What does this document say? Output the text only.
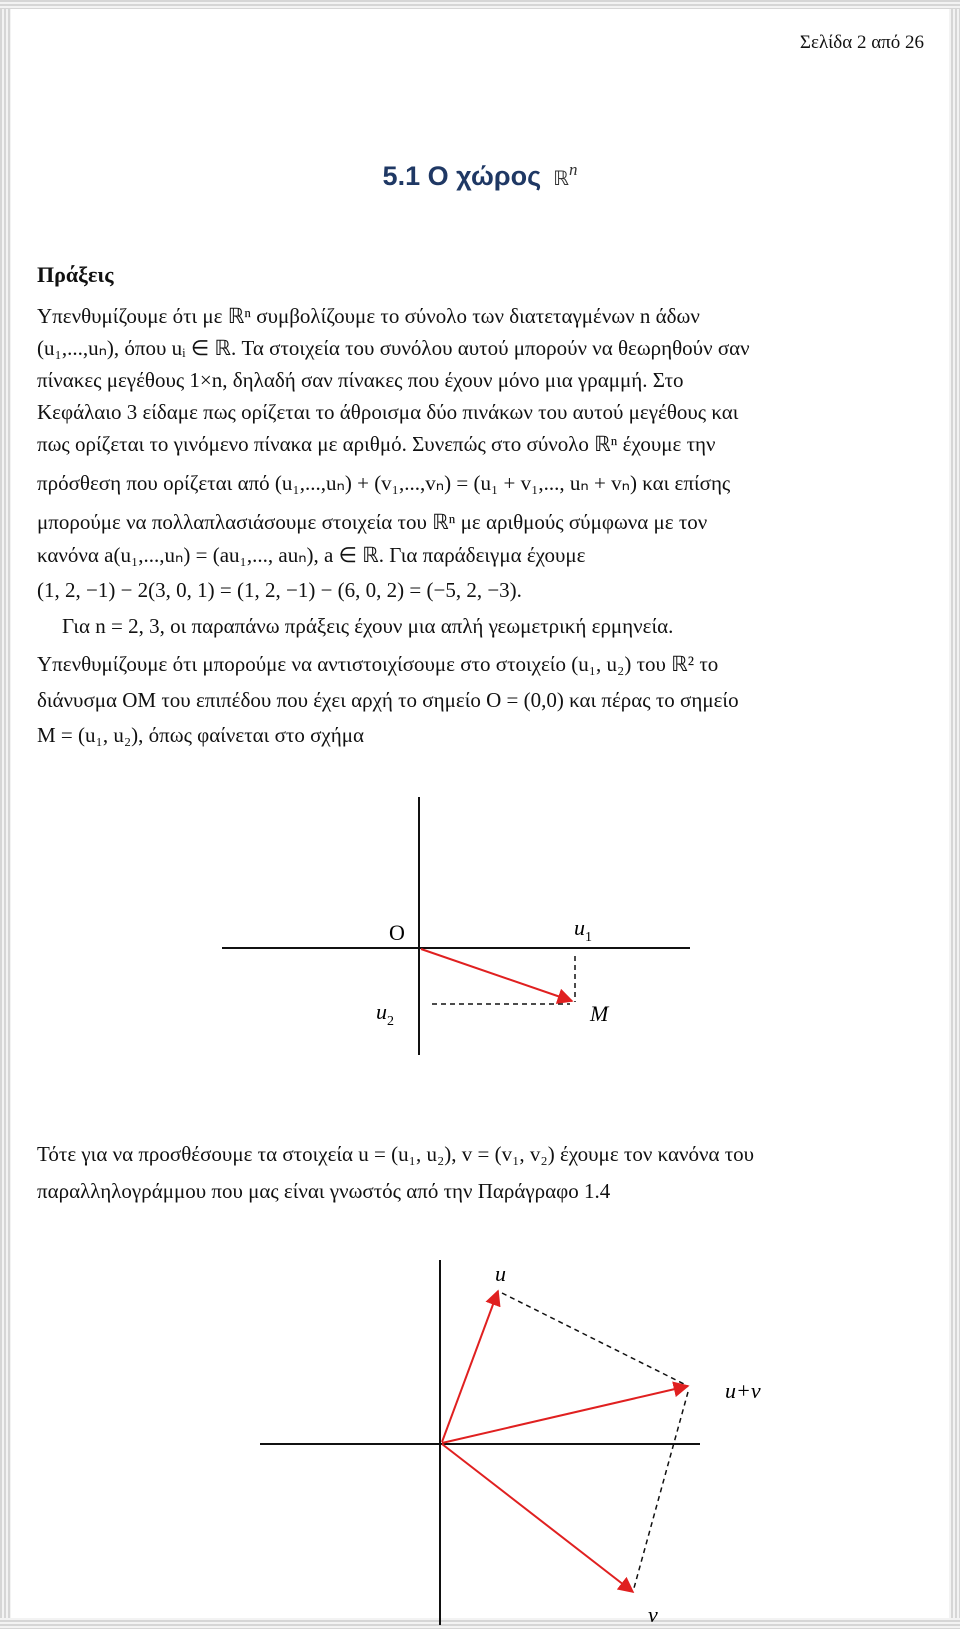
Σελίδα 2 από 26
5.1 Ο χώρος ℝ$^n$
Πράξεις
Υπενθυμίζουμε ότι με ℝⁿ συμβολίζουμε το σύνολο των διατεταγμένων n άδων
(u₁,...,uₙ), όπου uᵢ ∈ ℝ. Τα στοιχεία του συνόλου αυτού μπορούν να θεωρηθούν σαν
πίνακες μεγέθους 1×n, δηλαδή σαν πίνακες που έχουν μόνο μια γραμμή. Στο
Κεφάλαιο 3 είδαμε πως ορίζεται το άθροισμα δύο πινάκων του αυτού μεγέθους και
πως ορίζεται το γινόμενο πίνακα με αριθμό. Συνεπώς στο σύνολο ℝⁿ έχουμε την
πρόσθεση που ορίζεται από (u₁,...,uₙ) + (v₁,...,vₙ) = (u₁ + v₁,..., uₙ + vₙ) και επίσης
μπορούμε να πολλαπλασιάσουμε στοιχεία του ℝⁿ με αριθμούς σύμφωνα με τον
κανόνα a(u₁,...,uₙ) = (au₁,..., auₙ), a ∈ ℝ. Για παράδειγμα έχουμε
(1, 2, −1) − 2(3, 0, 1) = (1, 2, −1) − (6, 0, 2) = (−5, 2, −3).
Για n = 2, 3, οι παραπάνω πράξεις έχουν μια απλή γεωμετρική ερμηνεία.
Υπενθυμίζουμε ότι μπορούμε να αντιστοιχίσουμε στο στοιχείο (u₁, u₂) του ℝ² το
διάνυσμα OM του επιπέδου που έχει αρχή το σημείο O = (0,0) και πέρας το σημείο
M = (u₁, u₂), όπως φαίνεται στο σχήμα
O	u 1
u 2	M
Τότε για να προσθέσουμε τα στοιχεία u = (u₁, u₂), v = (v₁, v₂) έχουμε τον κανόνα του
παραλληλογράμμου που μας είναι γνωστός από την Παράγραφο 1.4
u
u+v
v
